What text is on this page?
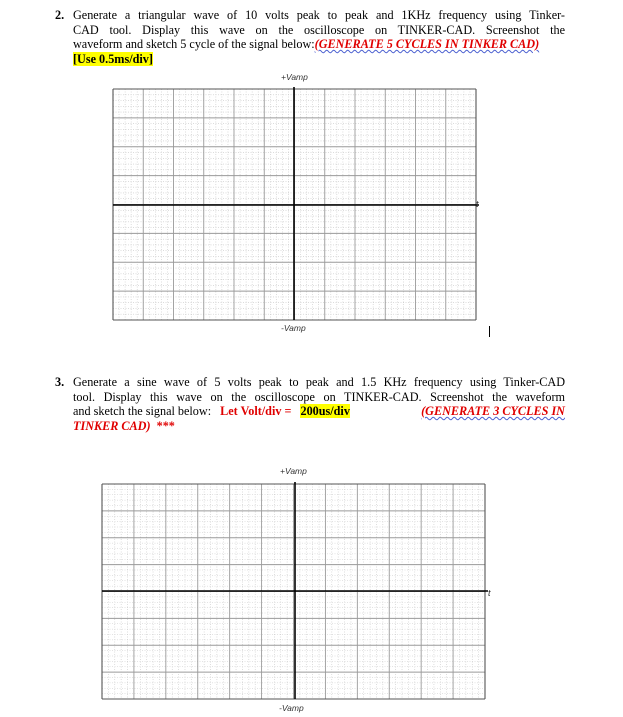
2. Generate a triangular wave of 10 volts peak to peak and 1KHz frequency using Tinker-
CAD tool. Display this wave on the oscilloscope on TINKER-CAD. Screenshot the
waveform and sketch 5 cycle of the signal below:(GENERATE 5 CYCLES IN TINKER CAD)
[Use 0.5ms/div]
+Vamp
t
-Vamp
3. Generate a sine wave of 5 volts peak to peak and 1.5 KHz frequency using Tinker-CAD
tool. Display this wave on the oscilloscope on TINKER-CAD. Screenshot the waveform
and sketch the signal below: Let Volt/div = 200us/div	(GENERATE 3 CYCLES IN
TINKER CAD) ***
+Vamp
t
-Vamp
